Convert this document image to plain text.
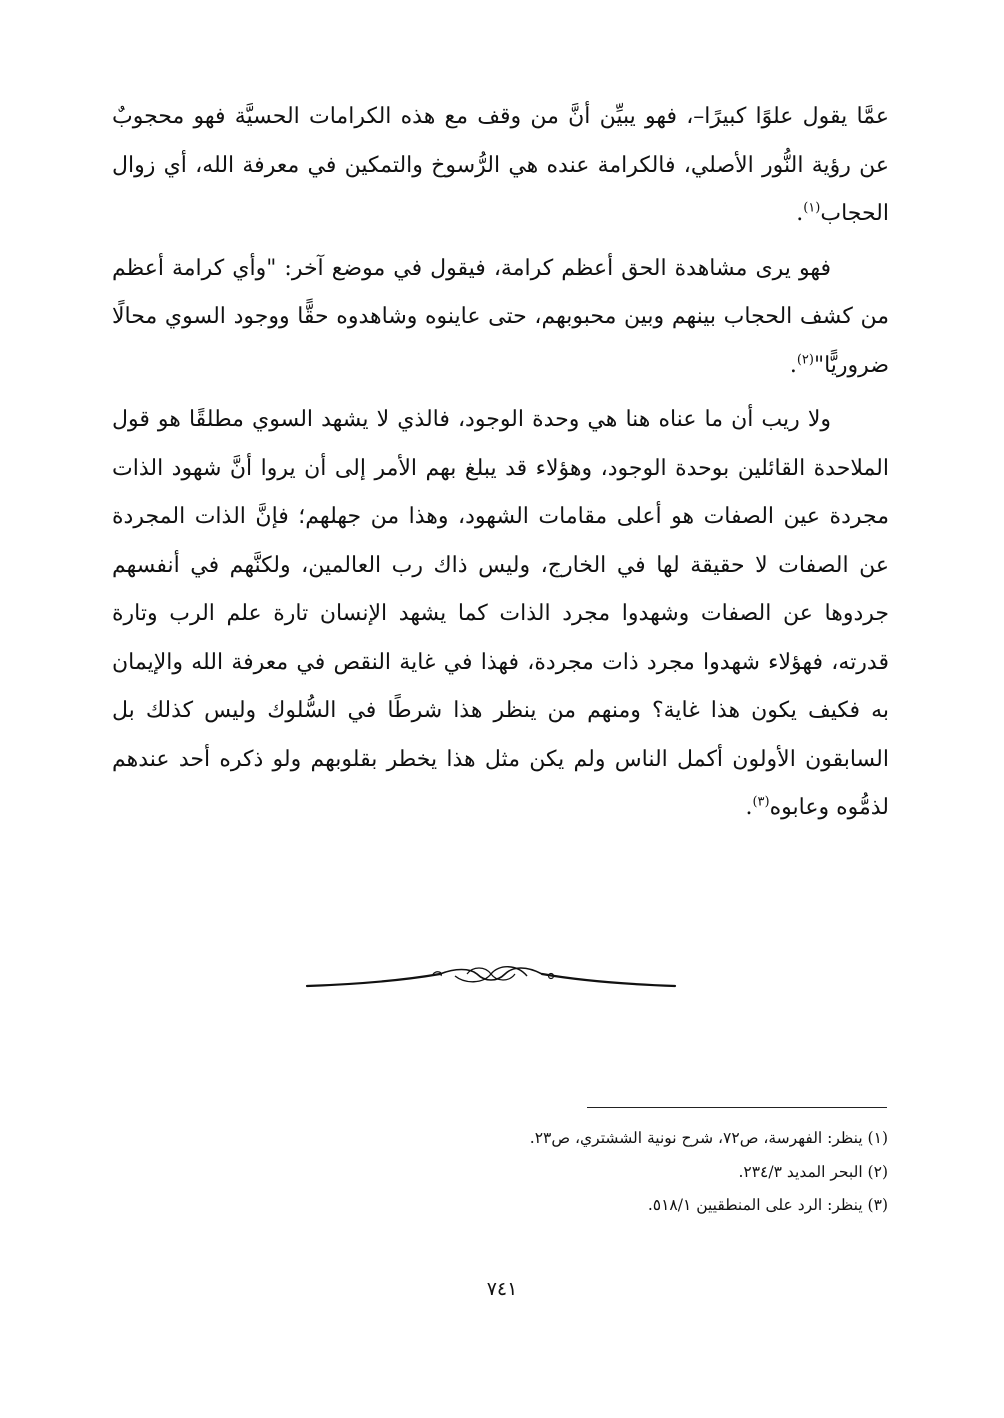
عمَّا يقول علوًا كبيرًا–، فهو يبيِّن أنَّ من وقف مع هذه الكرامات الحسيَّة فهو محجوبٌ عن رؤية النُّور الأصلي، فالكرامة عنده هي الرُّسوخ والتمكين في معرفة الله، أي زوال الحجاب$^{(١)}$.

فهو يرى مشاهدة الحق أعظم كرامة، فيقول في موضع آخر: "وأي كرامة أعظم من كشف الحجاب بينهم وبين محبوبهم، حتى عاينوه وشاهدوه حقًّا ووجود السوي محالًا ضروريًّا"$^{(٢)}$.

ولا ريب أن ما عناه هنا هي وحدة الوجود، فالذي لا يشهد السوي مطلقًا هو قول الملاحدة القائلين بوحدة الوجود، وهؤلاء قد يبلغ بهم الأمر إلى أن يروا أنَّ شهود الذات مجردة عين الصفات هو أعلى مقامات الشهود، وهذا من جهلهم؛ فإنَّ الذات المجردة عن الصفات لا حقيقة لها في الخارج، وليس ذاك رب العالمين، ولكنَّهم في أنفسهم جردوها عن الصفات وشهدوا مجرد الذات كما يشهد الإنسان تارة علم الرب وتارة قدرته، فهؤلاء شهدوا مجرد ذات مجردة، فهذا في غاية النقص في معرفة الله والإيمان به فكيف يكون هذا غاية؟ ومنهم من ينظر هذا شرطًا في السُّلوك وليس كذلك بل السابقون الأولون أكمل الناس ولم يكن مثل هذا يخطر بقلوبهم ولو ذكره أحد عندهم لذمُّوه وعابوه$^{(٣)}$.

(١) ينظر: الفهرسة، ص٧٢، شرح نونية الششتري، ص٢٣.

(٢) البحر المديد ٢٣٤/٣.

(٣) ينظر: الرد على المنطقيين ٥١٨/١.

٧٤١
